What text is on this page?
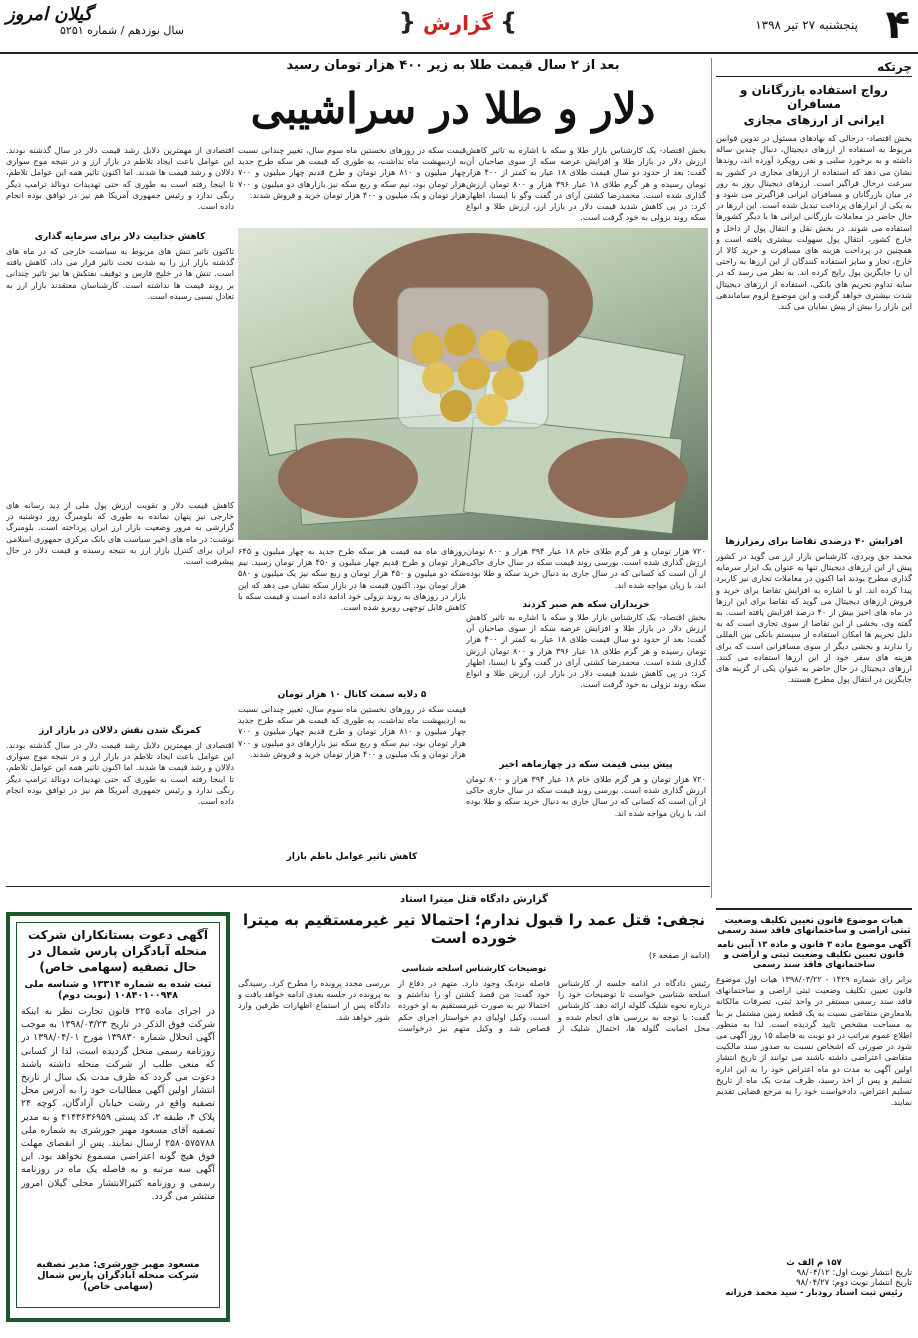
۴
پنجشنبه ۲۷ تیر ۱۳۹۸
} گزارش {
گیلان امروز
سال نوزدهم / شماره ۵۲۵۱
چرتکه
رواج استفاده بازرگانان و مسافران
ایرانی از ارزهای مجازی
بخش اقتصاد- درحالی که نهادهای مسئول در تدوین قوانین مربوط به استفاده از ارزهای دیجیتال، دنبال چندین ساله داشته و به برخورد سلبی و نفی رویکرد آورده اند، روندها نشان می دهد که استفاده از ارزهای مجازی در کشور به سرعت درحال فراگیر است. ارزهای دیجیتال روز به روز در میان بازرگانان و مسافران ایرانی فراگیرتر می شود و به یکی از ابزارهای پرداخت تبدیل شده است. این ارزها در حال حاضر در معاملات بازرگانی ایرانی ها با دیگر کشورها استفاده می شوند. در بخش نقل و انتقال پول از داخل و خارج کشور، انتقال پول سهولت بیشتری یافته است و همچنین در پرداخت هزینه های مسافرت و خرید کالا از خارج، تجار و سایر استفاده کنندگان از این ارزها به راحتی آن را جایگزین پول رایج کرده اند. به نظر می رسد که در سایه تداوم تحریم های بانکی، استفاده از ارزهای دیجیتال شدت بیشتری خواهد گرفت و این موضوع لزوم ساماندهی این بازار را بیش از پیش نمایان می کند.
افزایش ۴۰ درصدی تقاضا برای رمزارزها
محمد حق ویردی، کارشناس بازار ارز می گوید در کشور پیش از این ارزهای دیجیتال تنها به عنوان یک ابزار سرمایه گذاری مطرح بودند اما اکنون در معاملات تجاری نیز کاربرد پیدا کرده اند. او با اشاره به افزایش تقاضا برای خرید و فروش ارزهای دیجیتال می گوید که تقاضا برای این ارزها در ماه های اخیر بیش از ۴۰ درصد افزایش یافته است. به گفته وی، بخشی از این تقاضا از سوی تجاری است که به دلیل تحریم ها امکان استفاده از سیستم بانکی بین المللی را ندارند و بخشی دیگر از سوی مسافرانی است که برای هزینه های سفر خود از این ارزها استفاده می کنند. ارزهای دیجیتال در حال حاضر به عنوان یکی از گزینه های جایگزین در انتقال پول مطرح هستند.
بعد از ۲ سال قیمت طلا به زیر ۴۰۰ هزار تومان رسید
دلار و طلا در سراشیبی
بخش اقتصاد- یک کارشناس بازار طلا و سکه با اشاره به تاثیر کاهش ارزش دلار در بازار طلا و افزایش عرضه سکه از سوی صاحبان آن گفت: بعد از حدود دو سال قیمت طلای ۱۸ عیار به کمتر از ۴۰۰ هزار تومان رسیده و هر گرم طلای ۱۸ عیار ۳۹۶ هزار و ۸۰۰ تومان ارزش گذاری شده است. محمدرضا کشتی آرای در گفت وگو با ایسنا، اظهار کرد: در پی کاهش شدید قیمت دلار در بازار ارز، ارزش طلا و انواع سکه روند نزولی به خود گرفت است.
قیمت سکه در روزهای نخستین ماه سوم سال، تغییر چندانی نسبت به اردیبهشت ماه نداشت، به طوری که قیمت هر سکه طرح جدید چهار میلیون و ۸۱۰ هزار تومان و طرح قدیم چهار میلیون و ۷۰۰ هزار تومان بود، نیم سکه و ربع سکه نیز بازارهای دو میلیون و ۷۰۰ هزار تومان و یک میلیون و ۴۰۰ هزار تومان خرید و فروش شدند.
اقتصادی از مهمترین دلایل رشد قیمت دلار در سال گذشته بودند. این عوامل باعث ایجاد تلاطم در بازار ارز و در نتیجه موج سواری دلالان و رشد قیمت ها شدند. اما اکنون تاثیر همه این عوامل تلاطم، تا اینجا رفته است به طوری که حتی تهدیدات دونالد ترامپ دیگر رنگی ندارد و رئیس جمهوری آمریکا هم نیز در توافق بوده انجام داده است.
کاهش جذابیت دلار برای سرمایه گذاری
تاکنون تاثیر تنش های مربوط به سیاست خارجی که در ماه های گذشته بازار ارز را به شدت تحت تاثیر قرار می داد، کاهش یافته است. تنش ها در خلیج فارس و توقیف نفتکش ها نیز تاثیر چندانی بر روند قیمت ها نداشته است. کارشناسان معتقدند بازار ارز به تعادل نسبی رسیده است.
روزهای ماه مه قیمت هر سکه طرح جدید به چهار میلیون و ۶۴۵ هزار تومان و طرح قدیم چهار میلیون و ۴۵۰ هزار تومان رسید. نیم سکه دو میلیون و ۴۵۰ هزار تومان و ربع سکه نیز یک میلیون و ۵۸۰ هزار تومان بود. اکنون قیمت ها در بازار سکه نشان می دهد که این بازار در روزهای به روند نزولی خود ادامه داده است و قیمت سکه با کاهش قابل توجهی روبرو شده است.
۷۲۰ هزار تومان و هر گرم طلای خام ۱۸ عیار ۳۹۴ هزار و ۸۰۰ تومان ارزش گذاری شده است. بورسی روند قیمت سکه در سال جاری حاکی از آن است که کسانی که در سال جاری به دنبال خرید سکه و طلا بوده اند، با زیان مواجه شده اند.
خریداران سکه هم صبر کردند
پیش بینی قیمت سکه در چهارماهه اخیر
۵ دلایه سمت کانال ۱۰ هزار تومان
کاهش تاثیر عوامل ناظم بازار
کاهش قیمت دلار و تقویت ارزش پول ملی از دید رسانه های خارجی نیز پنهان نمانده به طوری که بلومبرگ روز دوشنبه در گزارشی به مرور وضعیت بازار ارز ایران پرداخته است. بلومبرگ نوشت: در ماه های اخیر سیاست های بانک مرکزی جمهوری اسلامی ایران برای کنترل بازار ارز به نتیجه رسیده و قیمت دلار در حال پیشرفت است.
کمرنگ شدن نقش دلالان در بازار ارز
اقتصادی از مهمترین دلایل رشد قیمت دلار در سال گذشته بودند. این عوامل باعث ایجاد تلاطم در بازار ارز و در نتیجه موج سواری دلالان و رشد قیمت ها شدند. اما اکنون تاثیر همه این عوامل تلاطم، تا اینجا رفته است به طوری که حتی تهدیدات دونالد ترامپ دیگر رنگی ندارد و رئیس جمهوری آمریکا هم نیز در توافق بوده انجام داده است.
بخش اقتصاد- یک کارشناس بازار طلا و سکه با اشاره به تاثیر کاهش ارزش دلار در بازار طلا و افزایش عرضه سکه از سوی صاحبان آن گفت: بعد از حدود دو سال قیمت طلای ۱۸ عیار به کمتر از ۴۰۰ هزار تومان رسیده و هر گرم طلای ۱۸ عیار ۳۹۶ هزار و ۸۰۰ تومان ارزش گذاری شده است. محمدرضا کشتی آرای در گفت وگو با ایسنا، اظهار کرد: در پی کاهش شدید قیمت دلار در بازار ارز، ارزش طلا و انواع سکه روند نزولی به خود گرفت است.
۷۲۰ هزار تومان و هر گرم طلای خام ۱۸ عیار ۳۹۴ هزار و ۸۰۰ تومان ارزش گذاری شده است. بورسی روند قیمت سکه در سال جاری حاکی از آن است که کسانی که در سال جاری به دنبال خرید سکه و طلا بوده اند، با زیان مواجه شده اند.
قیمت سکه در روزهای نخستین ماه سوم سال، تغییر چندانی نسبت به اردیبهشت ماه نداشت، به طوری که قیمت هر سکه طرح جدید چهار میلیون و ۸۱۰ هزار تومان و طرح قدیم چهار میلیون و ۷۰۰ هزار تومان بود، نیم سکه و ربع سکه نیز بازارهای دو میلیون و ۷۰۰ هزار تومان و یک میلیون و ۴۰۰ هزار تومان خرید و فروش شدند.
گزارش دادگاه قتل میترا استاد
نجفی: قتل عمد را قبول ندارم؛ احتمالا تیر غیرمستقیم به میترا خورده است
(ادامه از صفحه ۶)
توضیحات کارشناس اسلحه شناسی
رئیس دادگاه در ادامه جلسه از کارشناس اسلحه شناسی خواست تا توضیحات خود را درباره نحوه شلیک گلوله ارائه دهد. کارشناس گفت: با توجه به بررسی های انجام شده و محل اصابت گلوله ها، احتمال شلیک از فاصله نزدیک وجود دارد. متهم در دفاع از خود گفت: من قصد کشتن او را نداشتم و احتمالا تیر به صورت غیرمستقیم به او خورده است. وکیل اولیای دم خواستار اجرای حکم قصاص شد و وکیل متهم نیز درخواست بررسی مجدد پرونده را مطرح کرد. رسیدگی به پرونده در جلسه بعدی ادامه خواهد یافت و دادگاه پس از استماع اظهارات طرفین وارد شور خواهد شد.
هیات موضوع قانون تعیین تکلیف وضعیت ثبتی اراضی و ساختمانهای فاقد سند رسمی
آگهی موضوع ماده ۳ قانون و ماده ۱۳ آیین نامه قانون تعیین تکلیف وضعیت ثبتی و اراضی و ساختمانهای فاقد سند رسمی
برابر رای شماره ۱۴۲۹ - ۱۳۹۸/۰۳/۲۲ هیات اول موضوع قانون تعیین تکلیف وضعیت ثبتی اراضی و ساختمانهای فاقد سند رسمی مستقر در واحد ثبتی، تصرفات مالکانه بلامعارض متقاضی نسبت به یک قطعه زمین مشتمل بر بنا به مساحت مشخص تایید گردیده است. لذا به منظور اطلاع عموم مراتب در دو نوبت به فاصله ۱۵ روز آگهی می شود در صورتی که اشخاص نسبت به صدور سند مالکیت متقاضی اعتراضی داشته باشند می توانند از تاریخ انتشار اولین آگهی به مدت دو ماه اعتراض خود را به این اداره تسلیم و پس از اخذ رسید، ظرف مدت یک ماه از تاریخ تسلیم اعتراض، دادخواست خود را به مرجع قضایی تقدیم نمایند.
۱۵۷ م الف ث
تاریخ انتشار نوبت اول: ۹۸/۰۴/۱۲
تاریخ انتشار نوبت دوم: ۹۸/۰۴/۲۷
رئیس ثبت اسناد رودبار - سید محمد فرزانه
آگهی دعوت بستانکاران شرکت منحله آبادگران پارس شمال در حال تصفیه (سهامی خاص)
ثبت شده به شماره ۱۳۳۱۴ و شناسه ملی ۱۰۸۴۰۱۰۰۹۴۸ (نوبت دوم)
در اجرای ماده ۲۲۵ قانون تجارت نظر به اینکه شرکت فوق الذکر در تاریخ ۱۳۹۸/۰۳/۲۳ به موجب آگهی انحلال شماره ۱۳۹۸۳۰ مورخ ۱۳۹۸/۰۴/۰۱ در روزنامه رسمی منحل گردیده است، لذا از کسانی که منعی طلب از شرکت منحله داشته باشند دعوت می گردد که ظرف مدت یک سال از تاریخ انتشار اولین آگهی مطالبات خود را به آدرس محل تصفیه واقع در رشت خیابان آزادگان، کوچه ۲۴ پلاک ۴، طبقه ۲، کد پستی ۴۱۴۳۶۳۶۹۵۹ و به مدیر تصفیه آقای مسعود مهبر جورشری به شماره ملی ۲۵۸۰۵۷۵۷۸۸ ارسال نمایند. پس از انقضای مهلت فوق هیچ گونه اعتراضی مسموع نخواهد بود. این آگهی سه مرتبه و به فاصله یک ماه در روزنامه رسمی و روزنامه کثیرالانتشار محلی گیلان امروز منتشر می گردد.
مسعود مهبر جورشری: مدیر تصفیه
شرکت منحله آبادگران پارس شمال (سهامی خاص)
